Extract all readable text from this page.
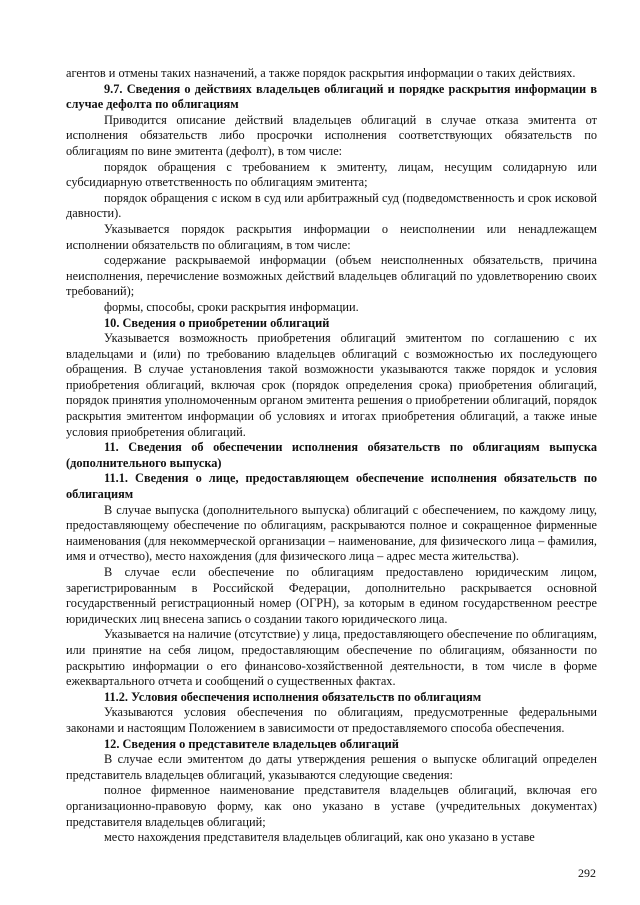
агентов и отмены таких назначений, а также порядок раскрытия информации о таких действиях.

9.7. Сведения о действиях владельцев облигаций и порядке раскрытия информации в случае дефолта по облигациям

Приводится описание действий владельцев облигаций в случае отказа эмитента от исполнения обязательств либо просрочки исполнения соответствующих обязательств по облигациям по вине эмитента (дефолт), в том числе:

порядок обращения с требованием к эмитенту, лицам, несущим солидарную или субсидиарную ответственность по облигациям эмитента;

порядок обращения с иском в суд или арбитражный суд (подведомственность и срок исковой давности).

Указывается порядок раскрытия информации о неисполнении или ненадлежащем исполнении обязательств по облигациям, в том числе:

содержание раскрываемой информации (объем неисполненных обязательств, причина неисполнения, перечисление возможных действий владельцев облигаций по удовлетворению своих требований);

формы, способы, сроки раскрытия информации.

10. Сведения о приобретении облигаций

Указывается возможность приобретения облигаций эмитентом по соглашению с их владельцами и (или) по требованию владельцев облигаций с возможностью их последующего обращения. В случае установления такой возможности указываются также порядок и условия приобретения облигаций, включая срок (порядок определения срока) приобретения облигаций, порядок принятия уполномоченным органом эмитента решения о приобретении облигаций, порядок раскрытия эмитентом информации об условиях и итогах приобретения облигаций, а также иные условия приобретения облигаций.

11. Сведения об обеспечении исполнения обязательств по облигациям выпуска (дополнительного выпуска)

11.1. Сведения о лице, предоставляющем обеспечение исполнения обязательств по облигациям

В случае выпуска (дополнительного выпуска) облигаций с обеспечением, по каждому лицу, предоставляющему обеспечение по облигациям, раскрываются полное и сокращенное фирменные наименования (для некоммерческой организации – наименование, для физического лица – фамилия, имя и отчество), место нахождения (для физического лица – адрес места жительства).

В случае если обеспечение по облигациям предоставлено юридическим лицом, зарегистрированным в Российской Федерации, дополнительно раскрывается основной государственный регистрационный номер (ОГРН), за которым в едином государственном реестре юридических лиц внесена запись о создании такого юридического лица.

Указывается на наличие (отсутствие) у лица, предоставляющего обеспечение по облигациям, или принятие на себя лицом, предоставляющим обеспечение по облигациям, обязанности по раскрытию информации о его финансово-хозяйственной деятельности, в том числе в форме ежеквартального отчета и сообщений о существенных фактах.

11.2. Условия обеспечения исполнения обязательств по облигациям

Указываются условия обеспечения по облигациям, предусмотренные федеральными законами и настоящим Положением в зависимости от предоставляемого способа обеспечения.

12. Сведения о представителе владельцев облигаций

В случае если эмитентом до даты утверждения решения о выпуске облигаций определен представитель владельцев облигаций, указываются следующие сведения:

полное фирменное наименование представителя владельцев облигаций, включая его организационно-правовую форму, как оно указано в уставе (учредительных документах) представителя владельцев облигаций;

место нахождения представителя владельцев облигаций, как оно указано в уставе

292
